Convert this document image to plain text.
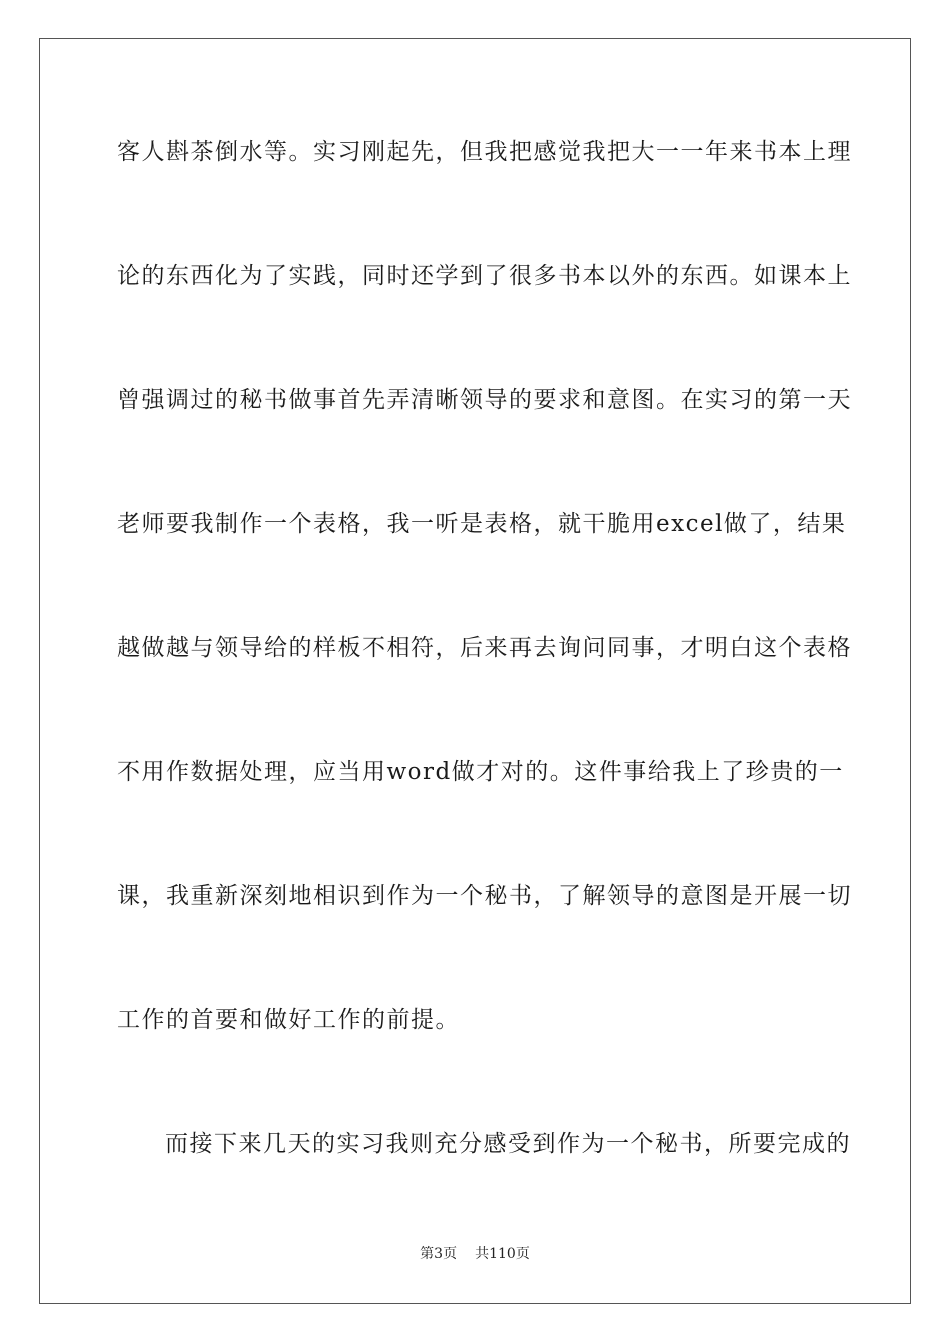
客人斟茶倒水等。实习刚起先，但我把感觉我把大一一年来书本上理
论的东西化为了实践，同时还学到了很多书本以外的东西。如课本上
曾强调过的秘书做事首先弄清晰领导的要求和意图。在实习的第一天
老师要我制作一个表格，我一听是表格，就干脆用excel做了，结果
越做越与领导给的样板不相符，后来再去询问同事，才明白这个表格
不用作数据处理，应当用word做才对的。这件事给我上了珍贵的一
课，我重新深刻地相识到作为一个秘书，了解领导的意图是开展一切
工作的首要和做好工作的前提。
而接下来几天的实习我则充分感受到作为一个秘书，所要完成的
第3页 共110页
